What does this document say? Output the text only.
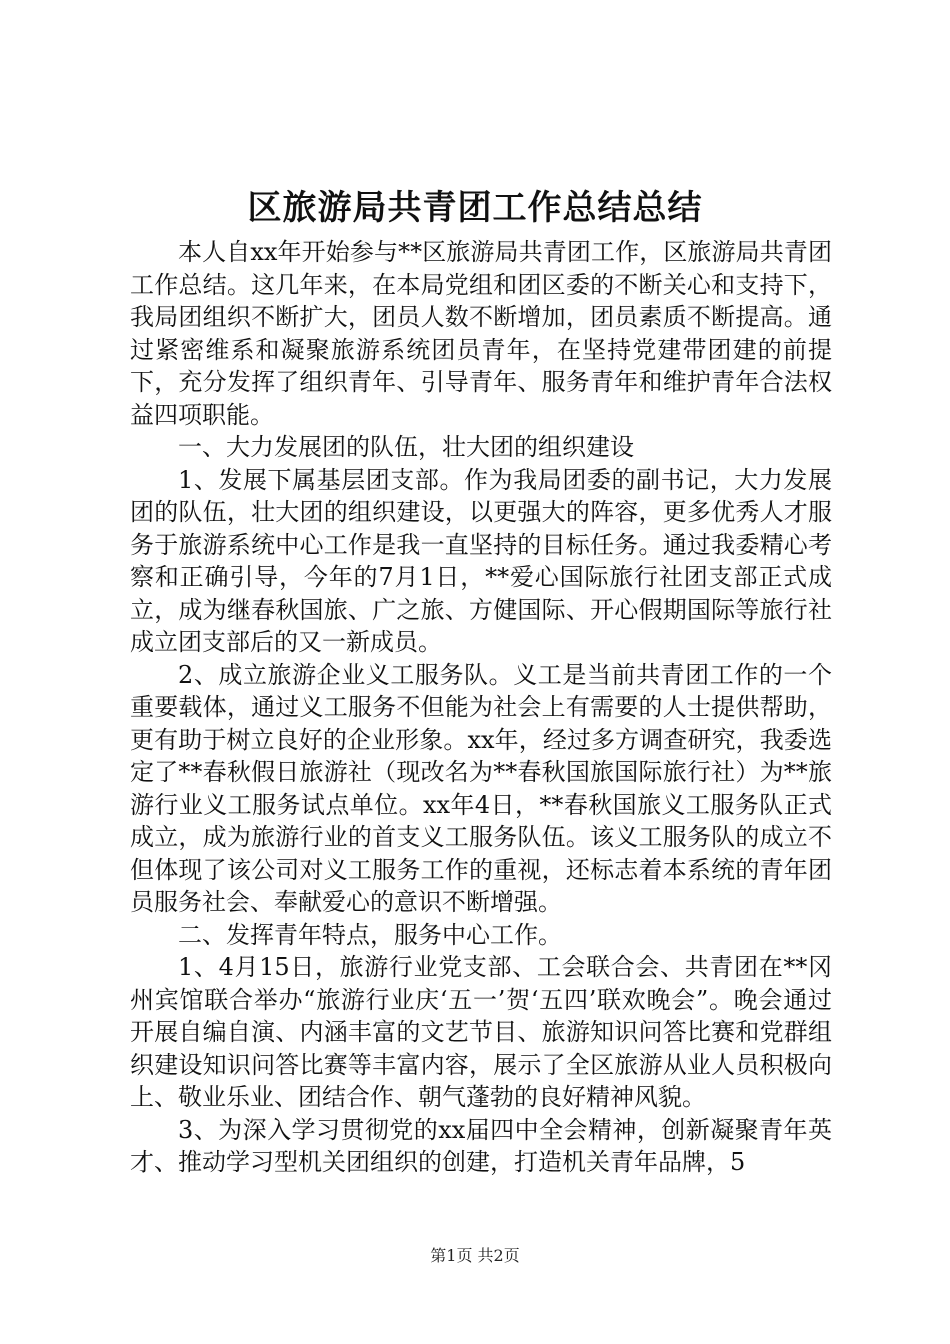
区旅游局共青团工作总结总结

本人自xx年开始参与**区旅游局共青团工作，区旅游局共青团工作总结。这几年来，在本局党组和团区委的不断关心和支持下，我局团组织不断扩大，团员人数不断增加，团员素质不断提高。通过紧密维系和凝聚旅游系统团员青年，在坚持党建带团建的前提下，充分发挥了组织青年、引导青年、服务青年和维护青年合法权益四项职能。

一、大力发展团的队伍，壮大团的组织建设

1、发展下属基层团支部。作为我局团委的副书记，大力发展团的队伍，壮大团的组织建设，以更强大的阵容，更多优秀人才服务于旅游系统中心工作是我一直坚持的目标任务。通过我委精心考察和正确引导，今年的7月1日，**爱心国际旅行社团支部正式成立，成为继春秋国旅、广之旅、方健国际、开心假期国际等旅行社成立团支部后的又一新成员。

2、成立旅游企业义工服务队。义工是当前共青团工作的一个重要载体，通过义工服务不但能为社会上有需要的人士提供帮助，更有助于树立良好的企业形象。xx年，经过多方调查研究，我委选定了**春秋假日旅游社（现改名为**春秋国旅国际旅行社）为**旅游行业义工服务试点单位。xx年4日，**春秋国旅义工服务队正式成立，成为旅游行业的首支义工服务队伍。该义工服务队的成立不但体现了该公司对义工服务工作的重视，还标志着本系统的青年团员服务社会、奉献爱心的意识不断增强。

二、发挥青年特点，服务中心工作。

1、4月15日，旅游行业党支部、工会联合会、共青团在**冈州宾馆联合举办“旅游行业庆‘五一’贺‘五四’联欢晚会”。晚会通过开展自编自演、内涵丰富的文艺节目、旅游知识问答比赛和党群组织建设知识问答比赛等丰富内容，展示了全区旅游从业人员积极向上、敬业乐业、团结合作、朝气蓬勃的良好精神风貌。

3、为深入学习贯彻党的xx届四中全会精神，创新凝聚青年英才、推动学习型机关团组织的创建，打造机关青年品牌，5

第1页 共2页
